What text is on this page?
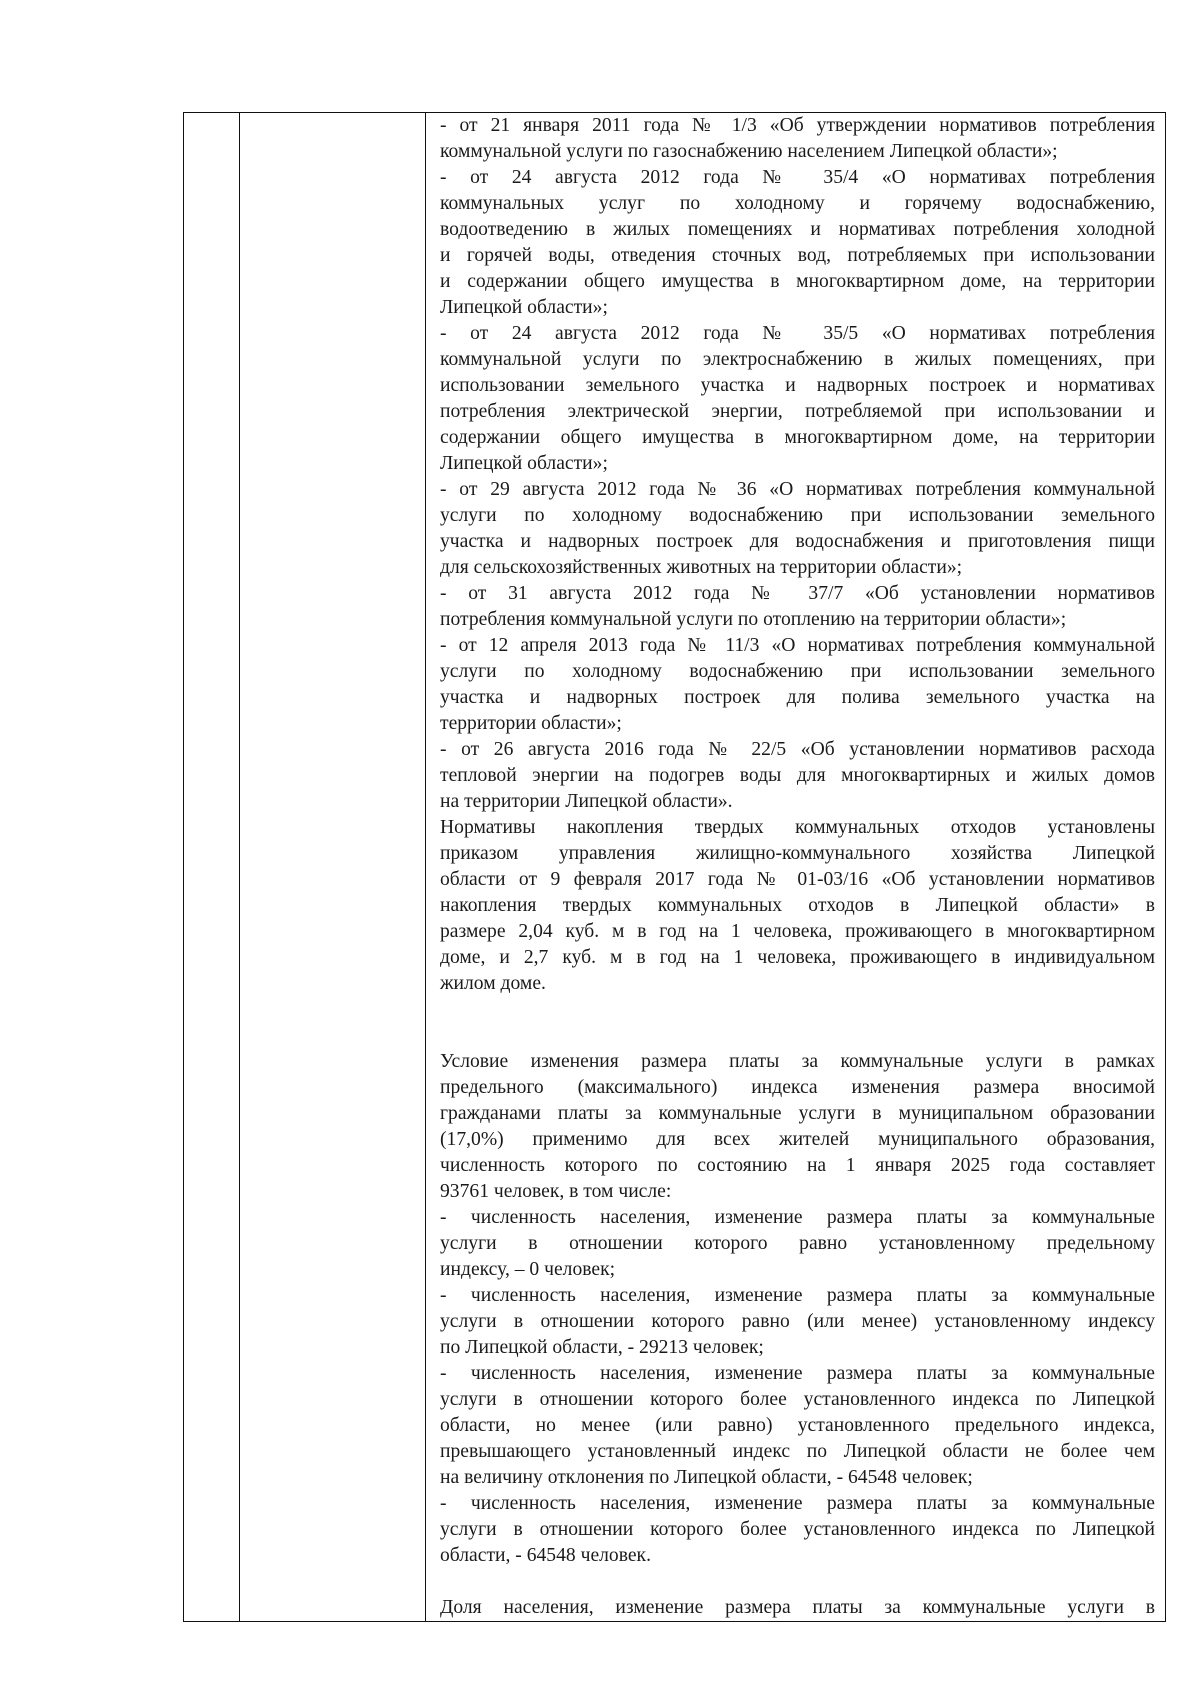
- от 21 января 2011 года № 1/3 «Об утверждении нормативов потребления

коммунальной услуги по газоснабжению населением Липецкой области»;

- от 24 августа 2012 года № 35/4 «О нормативах потребления

коммунальных услуг по холодному и горячему водоснабжению,

водоотведению в жилых помещениях и нормативах потребления холодной

и горячей воды, отведения сточных вод, потребляемых при использовании

и содержании общего имущества в многоквартирном доме, на территории

Липецкой области»;

- от 24 августа 2012 года № 35/5 «О нормативах потребления

коммунальной услуги по электроснабжению в жилых помещениях, при

использовании земельного участка и надворных построек и нормативах

потребления электрической энергии, потребляемой при использовании и

содержании общего имущества в многоквартирном доме, на территории

Липецкой области»;

- от 29 августа 2012 года № 36 «О нормативах потребления коммунальной

услуги по холодному водоснабжению при использовании земельного

участка и надворных построек для водоснабжения и приготовления пищи

для сельскохозяйственных животных на территории области»;

- от 31 августа 2012 года № 37/7 «Об установлении нормативов

потребления коммунальной услуги по отоплению на территории области»;

- от 12 апреля 2013 года № 11/3 «О нормативах потребления коммунальной

услуги по холодному водоснабжению при использовании земельного

участка и надворных построек для полива земельного участка на

территории области»;

- от 26 августа 2016 года № 22/5 «Об установлении нормативов расхода

тепловой энергии на подогрев воды для многоквартирных и жилых домов

на территории Липецкой области».

Нормативы накопления твердых коммунальных отходов установлены

приказом управления жилищно-коммунального хозяйства Липецкой

области от 9 февраля 2017 года № 01-03/16 «Об установлении нормативов

накопления твердых коммунальных отходов в Липецкой области» в

размере 2,04 куб. м в год на 1 человека, проживающего в многоквартирном

доме, и 2,7 куб. м в год на 1 человека, проживающего в индивидуальном

жилом доме.

Условие изменения размера платы за коммунальные услуги в рамках

предельного (максимального) индекса изменения размера вносимой

гражданами платы за коммунальные услуги в муниципальном образовании

(17,0%) применимо для всех жителей муниципального образования,

численность которого по состоянию на 1 января 2025 года составляет

93761 человек, в том числе:

- численность населения, изменение размера платы за коммунальные

услуги в отношении которого равно установленному предельному

индексу, – 0 человек;

- численность населения, изменение размера платы за коммунальные

услуги в отношении которого равно (или менее) установленному индексу

по Липецкой области, - 29213 человек;

- численность населения, изменение размера платы за коммунальные

услуги в отношении которого более установленного индекса по Липецкой

области, но менее (или равно) установленного предельного индекса,

превышающего установленный индекс по Липецкой области не более чем

на величину отклонения по Липецкой области, - 64548 человек;

- численность населения, изменение размера платы за коммунальные

услуги в отношении которого более установленного индекса по Липецкой

области, - 64548 человек.

Доля населения, изменение размера платы за коммунальные услуги в
